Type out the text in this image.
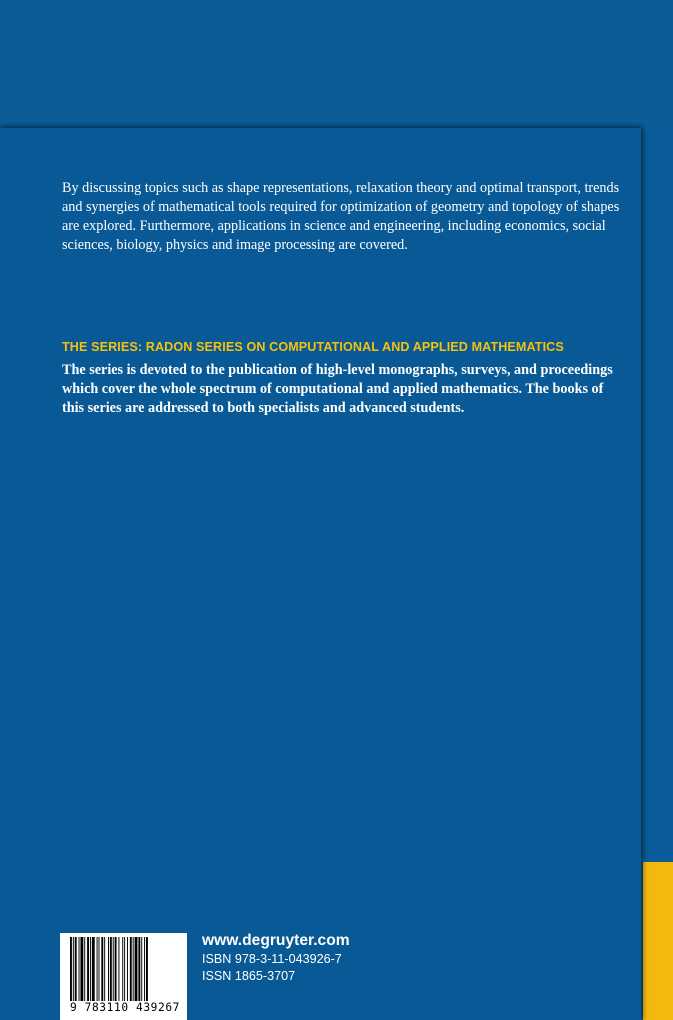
By discussing topics such as shape representations, relaxation theory and optimal transport, trends and synergies of mathematical tools required for optimization of geometry and topology of shapes are explored. Furthermore, applications in science and engineering, including economics, social sciences, biology, physics and image processing are covered.

THE SERIES: RADON SERIES ON COMPUTATIONAL AND APPLIED MATHEMATICS

The series is devoted to the publication of high-level monographs, surveys, and proceedings which cover the whole spectrum of computational and applied mathematics. The books of this series are addressed to both specialists and advanced students.

9 783110 439267
www.degruyter.com
ISBN 978-3-11-043926-7
ISSN 1865-3707
